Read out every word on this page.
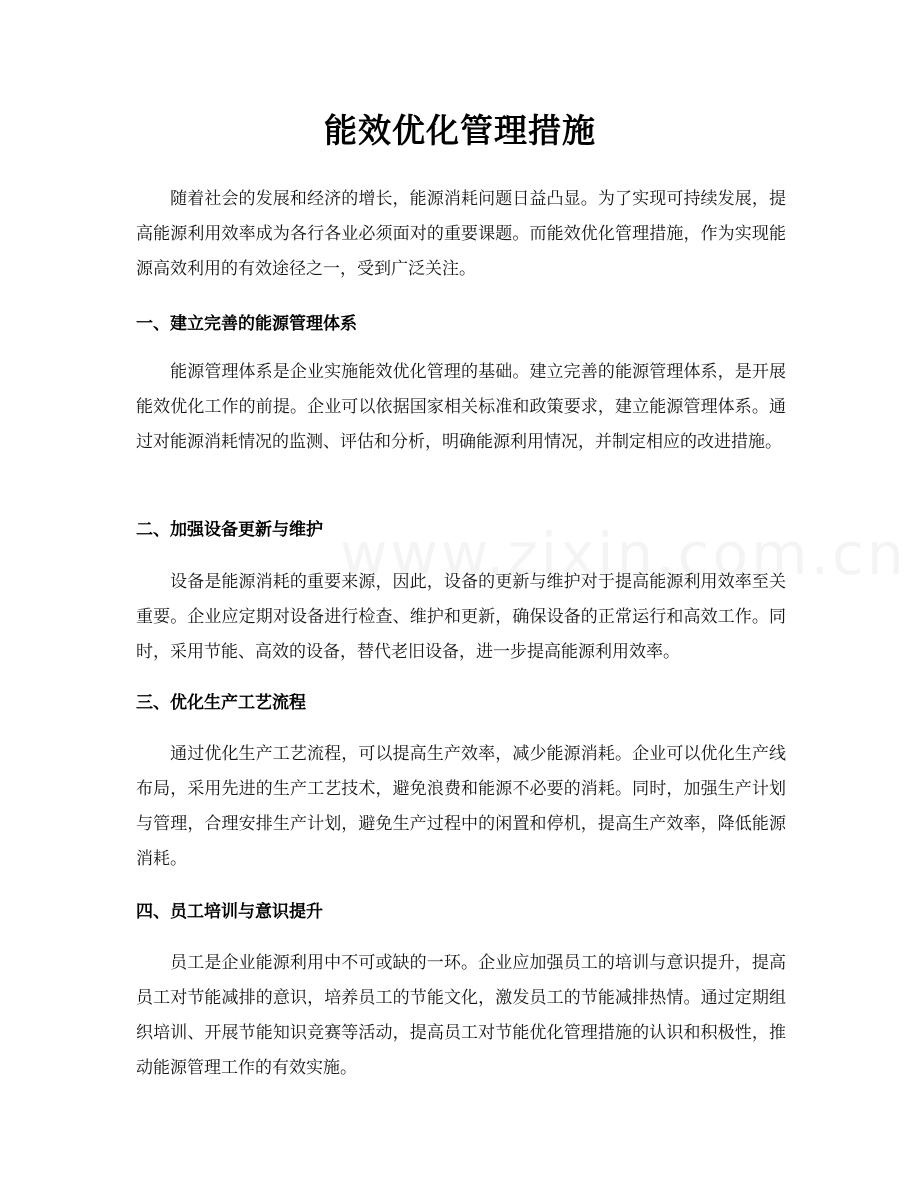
能效优化管理措施
随着社会的发展和经济的增长，能源消耗问题日益凸显。为了实现可持续发展，提高能源利用效率成为各行各业必须面对的重要课题。而能效优化管理措施，作为实现能源高效利用的有效途径之一，受到广泛关注。
一、建立完善的能源管理体系
能源管理体系是企业实施能效优化管理的基础。建立完善的能源管理体系，是开展能效优化工作的前提。企业可以依据国家相关标准和政策要求，建立能源管理体系。通过对能源消耗情况的监测、评估和分析，明确能源利用情况，并制定相应的改进措施。
二、加强设备更新与维护
设备是能源消耗的重要来源，因此，设备的更新与维护对于提高能源利用效率至关重要。企业应定期对设备进行检查、维护和更新，确保设备的正常运行和高效工作。同时，采用节能、高效的设备，替代老旧设备，进一步提高能源利用效率。
三、优化生产工艺流程
通过优化生产工艺流程，可以提高生产效率，减少能源消耗。企业可以优化生产线布局，采用先进的生产工艺技术，避免浪费和能源不必要的消耗。同时，加强生产计划与管理，合理安排生产计划，避免生产过程中的闲置和停机，提高生产效率，降低能源消耗。
四、员工培训与意识提升
员工是企业能源利用中不可或缺的一环。企业应加强员工的培训与意识提升，提高员工对节能减排的意识，培养员工的节能文化，激发员工的节能减排热情。通过定期组织培训、开展节能知识竞赛等活动，提高员工对节能优化管理措施的认识和积极性，推动能源管理工作的有效实施。
